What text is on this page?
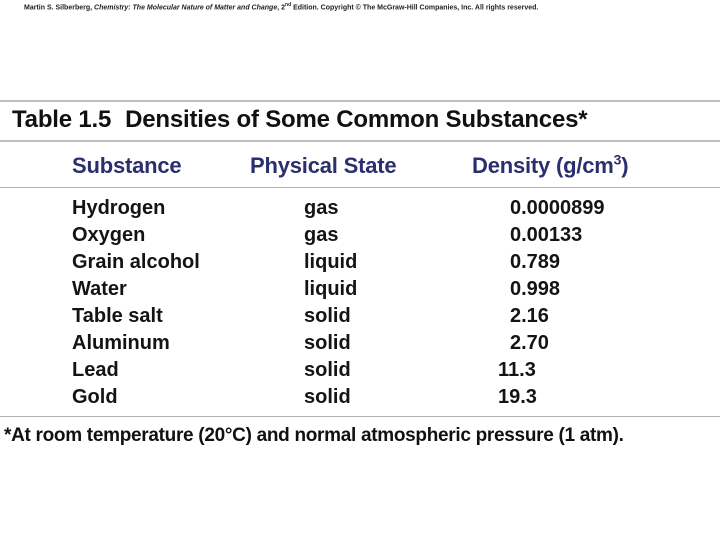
Martin S. Silberberg, Chemistry: The Molecular Nature of Matter and Change, 2nd Edition. Copyright © The McGraw-Hill Companies, Inc. All rights reserved.
Table 1.5 Densities of Some Common Substances*
Substance	Physical State	Density $(g/cm^3)$
Hydrogen	gas	0.0000899
Oxygen	gas	0.00133
Grain alcohol	liquid	0.789
Water	liquid	0.998
Table salt	solid	2.16
Aluminum	solid	2.70
Lead	solid	11.3
Gold	solid	19.3
*At room temperature (20°C) and normal atmospheric pressure (1 atm).
